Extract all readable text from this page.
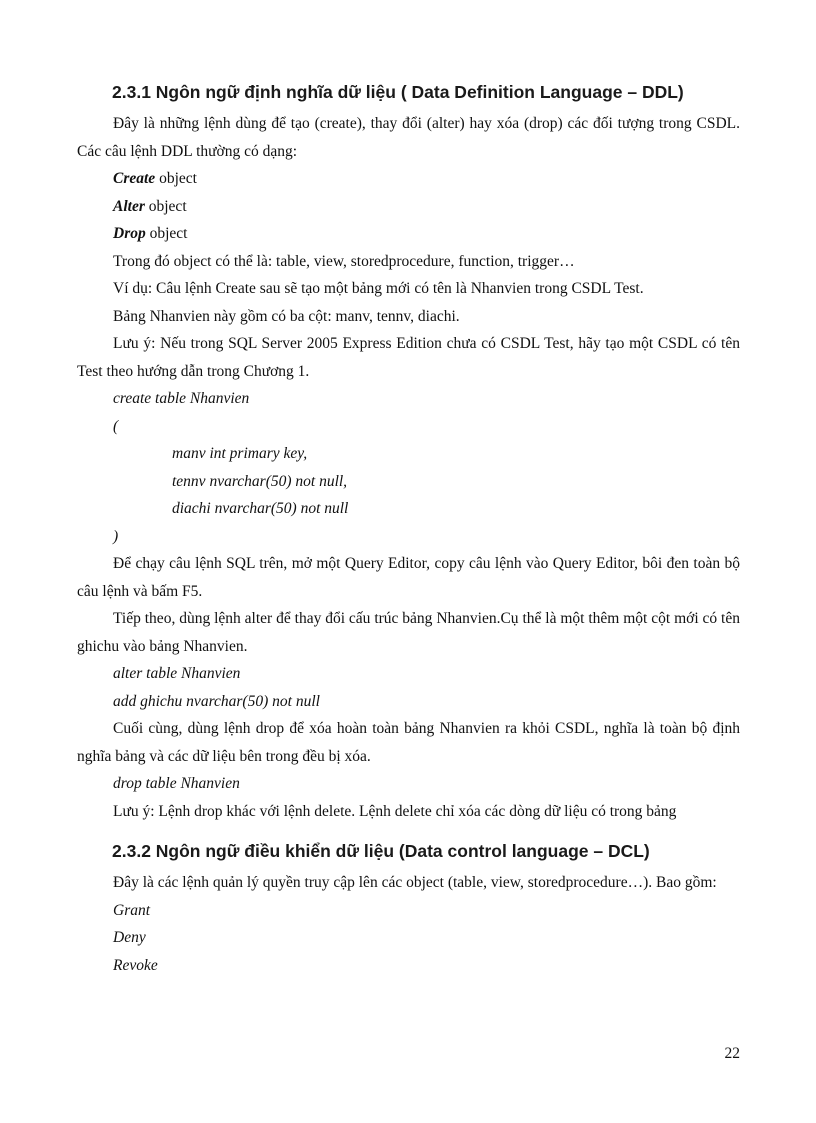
2.3.1 Ngôn ngữ định nghĩa dữ liệu ( Data Definition Language – DDL)

Đây là những lệnh dùng để tạo (create), thay đổi (alter) hay xóa (drop) các đối tượng trong CSDL. Các câu lệnh DDL thường có dạng:

Create object

Alter object

Drop object

Trong đó object có thể là: table, view, storedprocedure, function, trigger…

Ví dụ: Câu lệnh Create sau sẽ tạo một bảng mới có tên là Nhanvien trong CSDL Test.

Bảng Nhanvien này gồm có ba cột: manv, tennv, diachi.

Lưu ý: Nếu trong SQL Server 2005 Express Edition chưa có CSDL Test, hãy tạo một CSDL có tên Test theo hướng dẫn trong Chương 1.

create table Nhanvien

(

manv int primary key,

tennv nvarchar(50) not null,

diachi nvarchar(50) not null

)

Để chạy câu lệnh SQL trên, mở một Query Editor, copy câu lệnh vào Query Editor, bôi đen toàn bộ câu lệnh và bấm F5.

Tiếp theo, dùng lệnh alter để thay đổi cấu trúc bảng Nhanvien.Cụ thể là một thêm một cột mới có tên ghichu vào bảng Nhanvien.

alter table Nhanvien

add ghichu nvarchar(50) not null

Cuối cùng, dùng lệnh drop để xóa hoàn toàn bảng Nhanvien ra khỏi CSDL, nghĩa là toàn bộ định nghĩa bảng và các dữ liệu bên trong đều bị xóa.

drop table Nhanvien

Lưu ý: Lệnh drop khác với lệnh delete. Lệnh delete chỉ xóa các dòng dữ liệu có trong bảng

2.3.2 Ngôn ngữ điều khiển dữ liệu (Data control language – DCL)

Đây là các lệnh quản lý quyền truy cập lên các object (table, view, storedprocedure…). Bao gồm:

Grant

Deny

Revoke

22
